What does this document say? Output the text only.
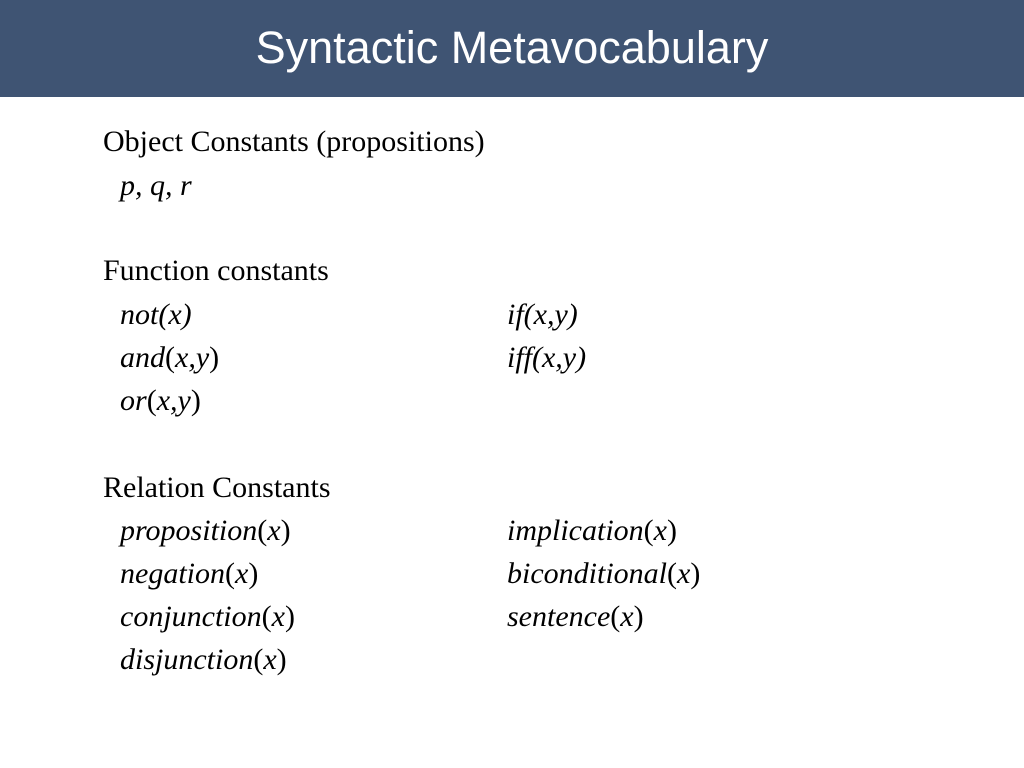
Syntactic Metavocabulary
Object Constants (propositions)
p, q, r
Function constants
not(x)
and(x,y)
or(x,y)
if(x,y)
iff(x,y)
Relation Constants
proposition(x)
negation(x)
conjunction(x)
disjunction(x)
implication(x)
biconditional(x)
sentence(x)
